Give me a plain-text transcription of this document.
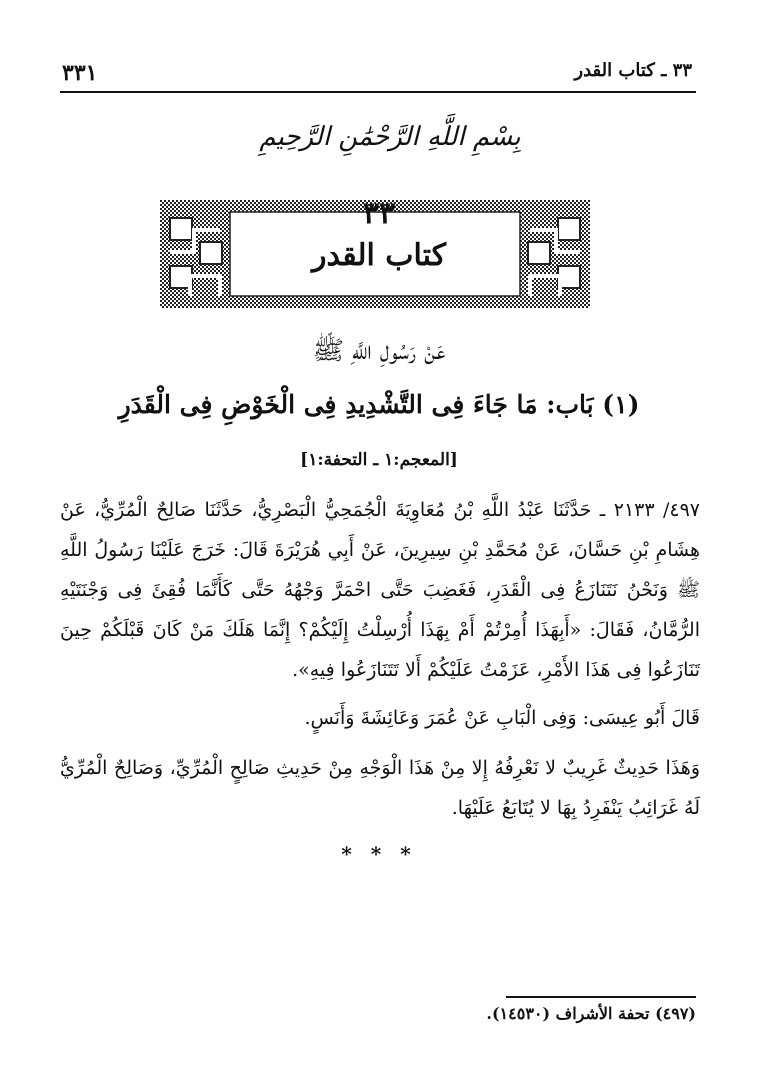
٣٣١	٣٣ ـ كتاب القدر
بِسْمِ اللَّهِ الرَّحْمَٰنِ الرَّحِيمِ
٣٣
كتاب القدر
عَنْ رَسُولِ اللَّهِ ﷺ
(١) بَاب: مَا جَاءَ فِى التَّشْدِيدِ فِى الْخَوْضِ فِى الْقَدَرِ
[المعجم:١ ـ التحفة:١]
٤٩٧/ ٢١٣٣ ـ حَدَّثَنَا عَبْدُ اللَّهِ بْنُ مُعَاوِيَةَ الْجُمَحِيُّ الْبَصْرِيُّ، حَدَّثَنَا صَالِحٌ الْمُرِّيُّ، عَنْ هِشَامِ بْنِ حَسَّانَ، عَنْ مُحَمَّدِ بْنِ سِيرِينَ، عَنْ أَبِي هُرَيْرَةَ قَالَ: خَرَجَ عَلَيْنَا رَسُولُ اللَّهِ ﷺ وَنَحْنُ نَتَنَازَعُ فِى الْقَدَرِ، فَغَضِبَ حَتَّى احْمَرَّ وَجْهُهُ حَتَّى كَأَنَّمَا فُقِئَ فِى وَجْنَتَيْهِ الرُّمَّانُ، فَقَالَ: «أَبِهَذَا أُمِرْتُمْ أَمْ بِهَذَا أُرْسِلْتُ إِلَيْكُمْ؟ إِنَّمَا هَلَكَ مَنْ كَانَ قَبْلَكُمْ حِينَ تَنَازَعُوا فِى هَذَا الأَمْرِ، عَزَمْتُ عَلَيْكُمْ أَلا تَتَنَازَعُوا فِيهِ».
قَالَ أَبُو عِيسَى: وَفِى الْبَابِ عَنْ عُمَرَ وَعَائِشَةَ وَأَنَسٍ.
وَهَذَا حَدِيثٌ غَرِيبٌ لا نَعْرِفُهُ إِلا مِنْ هَذَا الْوَجْهِ مِنْ حَدِيثِ صَالِحٍ الْمُرِّيِّ، وَصَالِحٌ الْمُرِّيُّ لَهُ غَرَائِبُ يَنْفَرِدُ بِهَا لا يُتَابَعُ عَلَيْهَا.
* * *
(٤٩٧) تحفة الأشراف (١٤٥٣٠).
